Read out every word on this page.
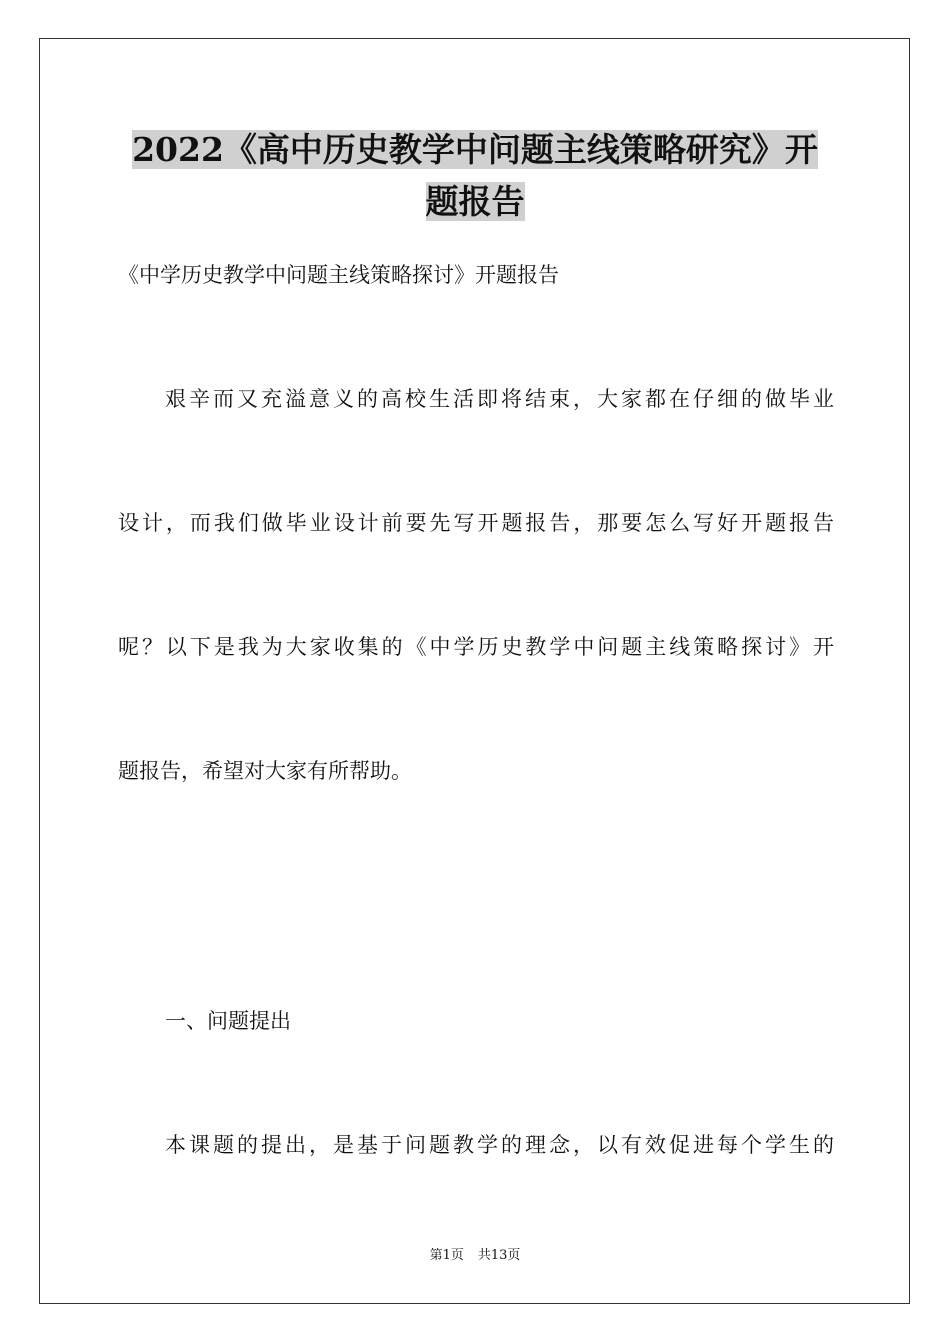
2022《高中历史教学中问题主线策略研究》开
题报告

《中学历史教学中问题主线策略探讨》开题报告

艰辛而又充溢意义的高校生活即将结束，大家都在仔细的做毕业

设计，而我们做毕业设计前要先写开题报告，那要怎么写好开题报告

呢？以下是我为大家收集的《中学历史教学中问题主线策略探讨》开

题报告，希望对大家有所帮助。

一、问题提出

本课题的提出，是基于问题教学的理念，以有效促进每个学生的

第1页 共13页
